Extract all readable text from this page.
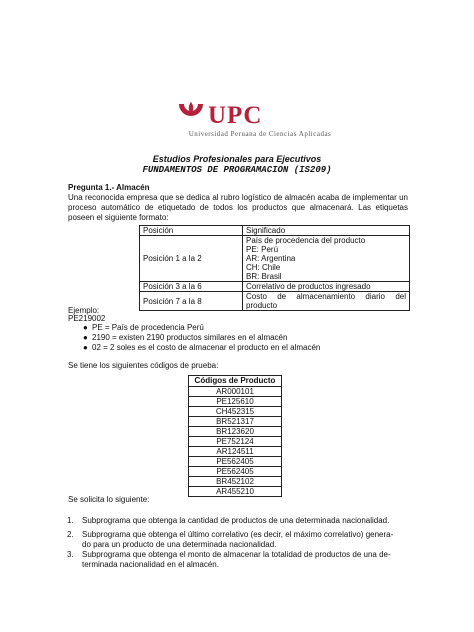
UPC
Universidad Peruana de Ciencias Aplicadas
Estudios Profesionales para Ejecutivos
FUNDAMENTOS DE PROGRAMACION (IS209)
Pregunta 1.- Almacén
Una reconocida empresa que se dedica al rubro logístico de almacén acaba de implementar un proceso automático de etiquetado de todos los productos que almacenará. Las etiquetas poseen el siguiente formato:
Posición	Significado
Posición 1 a la 2	País de procedencia del producto
PE: Perú
AR: Argentina
CH: Chile
BR: Brasil

Posición 3 a la 6	Correlativo de productos ingresado
Posición 7 a la 8	Costo de almacenamiento diario del producto
Ejemplo:
PE219002
● PE = País de procedencia Perú
● 2190 = existen 2190 productos similares en el almacén
● 02 = 2 soles es el costo de almacenar el producto en el almacén
Se tiene los siguientes códigos de prueba:
Códigos de Producto
AR000101
PE125610
CH452315
BR521317
BR123620
PE752124
AR124511
PE562405
PE562405
BR452102
AR455210
Se solicita lo siguiente:
1. Subprograma que obtenga la cantidad de productos de una determinada nacionalidad.
2. Subprograma que obtenga el último correlativo (es decir, el máximo correlativo) genera-
do para un producto de una determinada nacionalidad.
3. Subprograma que obtenga el monto de almacenar la totalidad de productos de una de-
terminada nacionalidad en el almacén.
